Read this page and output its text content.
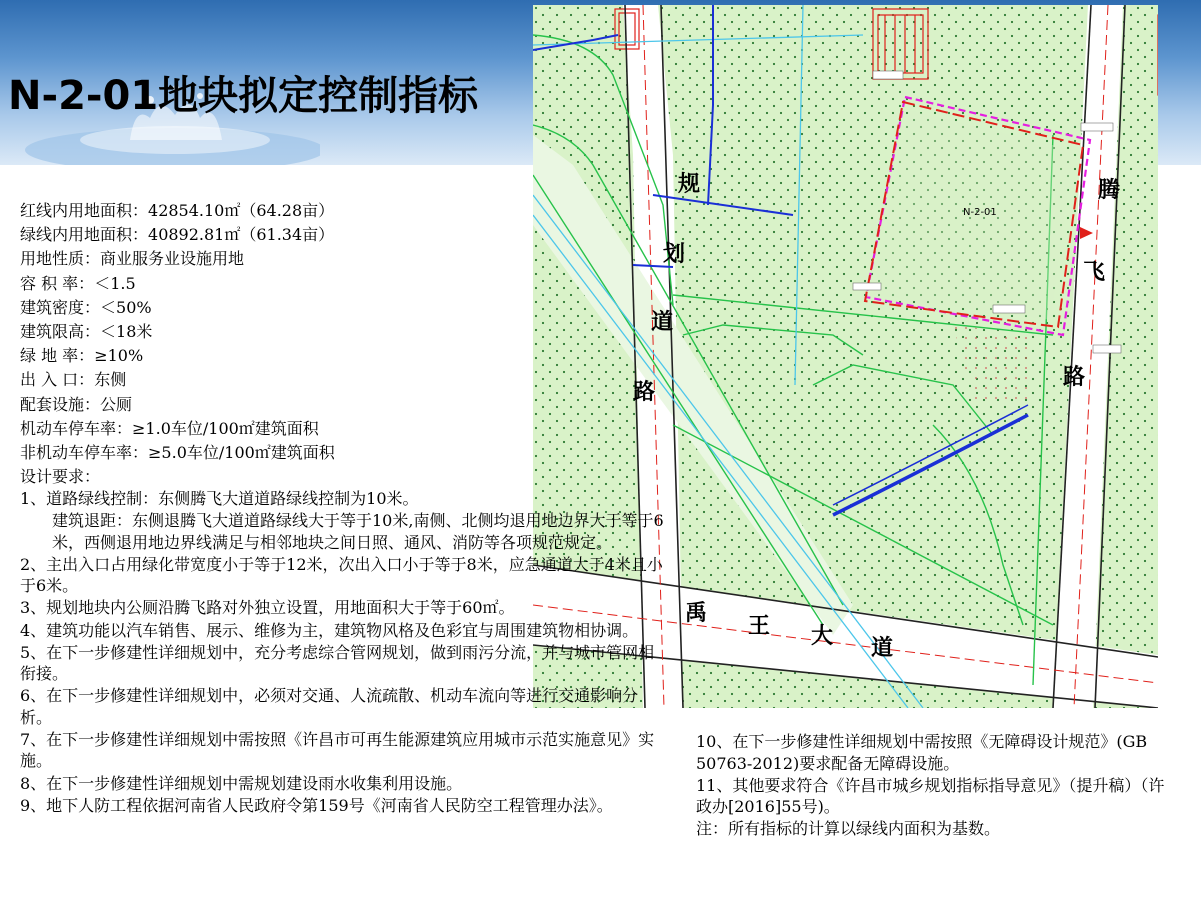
N-2-01地块拟定控制指标
N-2-01
规
划
道
路
腾
飞
路
禹 王 大 道
红线内用地面积：42854.10㎡（64.28亩）
绿线内用地面积：40892.81㎡（61.34亩）
用地性质：商业服务业设施用地
容 积 率：＜1.5
建筑密度：＜50%
建筑限高：＜18米
绿 地 率：≥10%
出 入 口：东侧
配套设施：公厕
机动车停车率：≥1.0车位/100㎡建筑面积
非机动车停车率：≥5.0车位/100㎡建筑面积
设计要求：

1、道路绿线控制：东侧腾飞大道道路绿线控制为10米。

建筑退距：东侧退腾飞大道道路绿线大于等于10米,南侧、北侧均退用地边界大于等于6米，西侧退用地边界线满足与相邻地块之间日照、通风、消防等各项规范规定。

2、主出入口占用绿化带宽度小于等于12米，次出入口小于等于8米，应急通道大于4米且小于6米。

3、规划地块内公厕沿腾飞路对外独立设置，用地面积大于等于60㎡。

4、建筑功能以汽车销售、展示、维修为主，建筑物风格及色彩宜与周围建筑物相协调。

5、在下一步修建性详细规划中，充分考虑综合管网规划，做到雨污分流，并与城市管网相衔接。

6、在下一步修建性详细规划中，必须对交通、人流疏散、机动车流向等进行交通影响分析。

7、在下一步修建性详细规划中需按照《许昌市可再生能源建筑应用城市示范实施意见》实施。

8、在下一步修建性详细规划中需规划建设雨水收集利用设施。

9、地下人防工程依据河南省人民政府令第159号《河南省人民防空工程管理办法》。

10、在下一步修建性详细规划中需按照《无障碍设计规范》(GB 50763-2012)要求配备无障碍设施。

11、其他要求符合《许昌市城乡规划指标指导意见》（提升稿）（许政办[2016]55号)。

注：所有指标的计算以绿线内面积为基数。
